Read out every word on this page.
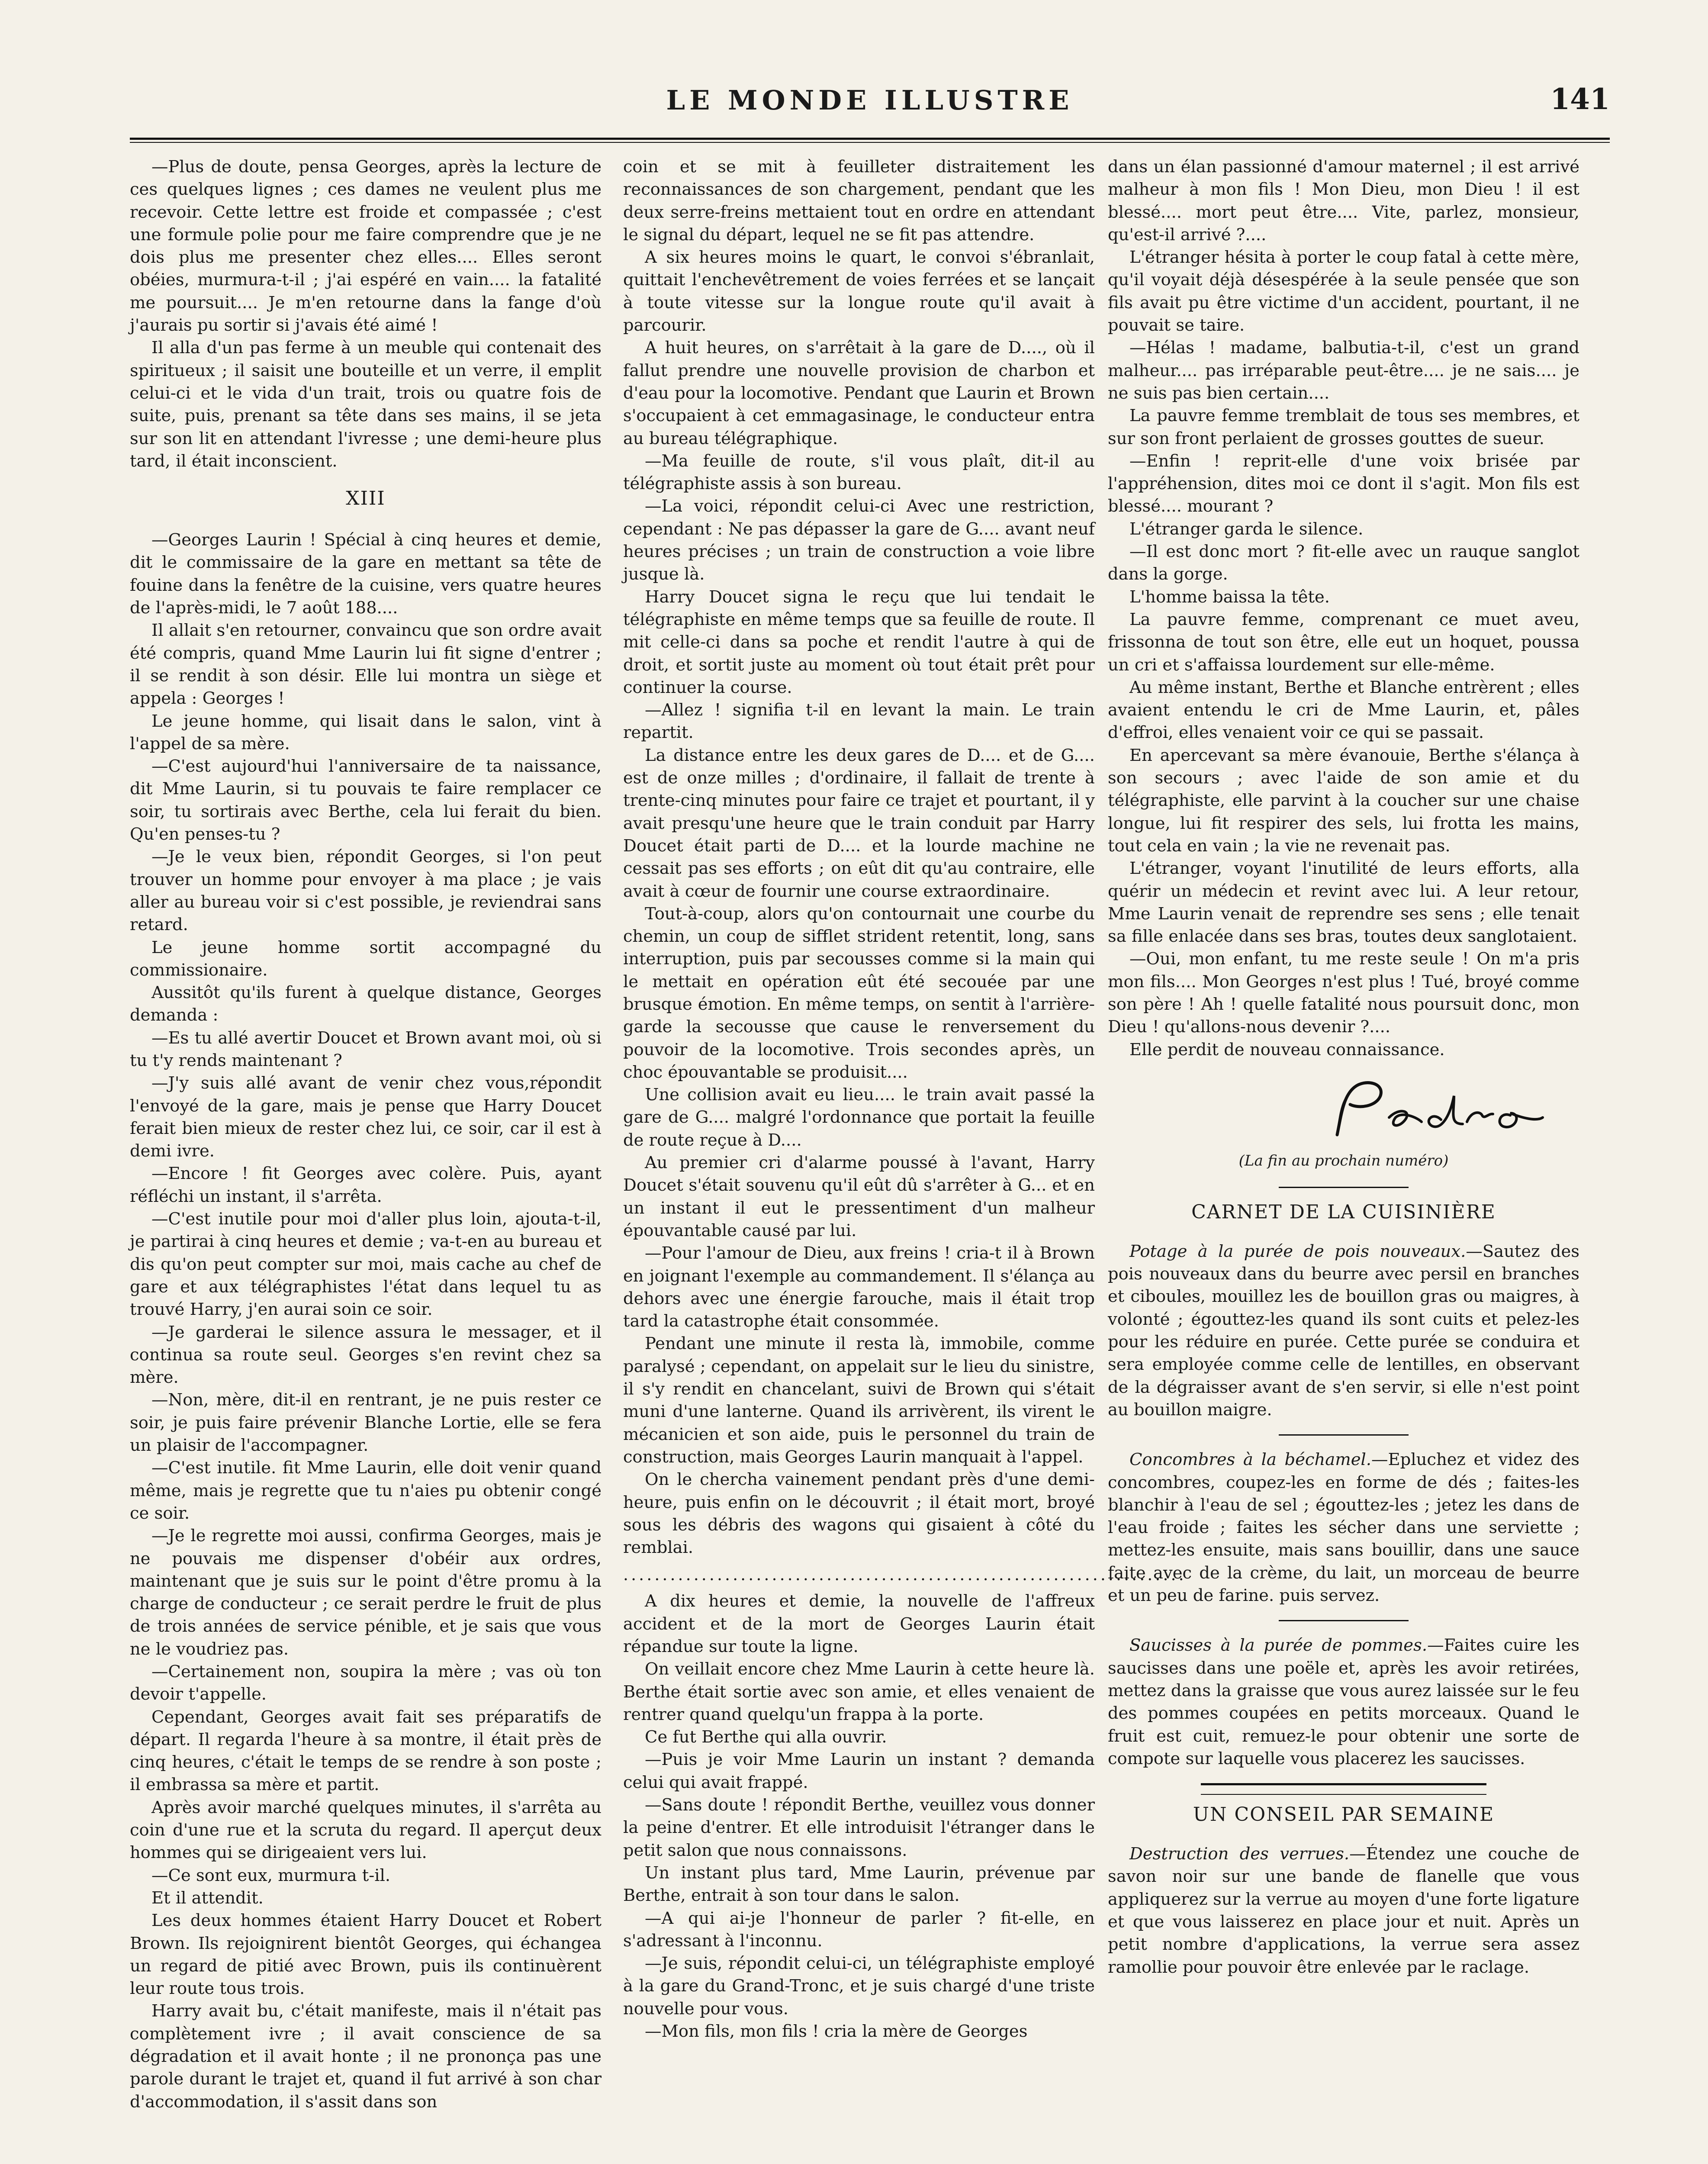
LE MONDE ILLUSTRE	141

—Plus de doute, pensa Georges, après la lecture de ces quelques lignes ; ces dames ne veulent plus me recevoir. Cette lettre est froide et compassée ; c'est une formule polie pour me faire comprendre que je ne dois plus me presenter chez elles.... Elles seront obéies, murmura-t-il ; j'ai espéré en vain.... la fatalité me poursuit.... Je m'en retourne dans la fange d'où j'aurais pu sortir si j'avais été aimé !

Il alla d'un pas ferme à un meuble qui contenait des spiritueux ; il saisit une bouteille et un verre, il emplit celui-ci et le vida d'un trait, trois ou quatre fois de suite, puis, prenant sa tête dans ses mains, il se jeta sur son lit en attendant l'ivresse ; une demi-heure plus tard, il était inconscient.

XIII

—Georges Laurin ! Spécial à cinq heures et demie, dit le commissaire de la gare en mettant sa tête de fouine dans la fenêtre de la cuisine, vers quatre heures de l'après-midi, le 7 août 188....

Il allait s'en retourner, convaincu que son ordre avait été compris, quand Mme Laurin lui fit signe d'entrer ; il se rendit à son désir. Elle lui montra un siège et appela : Georges !

Le jeune homme, qui lisait dans le salon, vint à l'appel de sa mère.

—C'est aujourd'hui l'anniversaire de ta naissance, dit Mme Laurin, si tu pouvais te faire remplacer ce soir, tu sortirais avec Berthe, cela lui ferait du bien. Qu'en penses-tu ?

—Je le veux bien, répondit Georges, si l'on peut trouver un homme pour envoyer à ma place ; je vais aller au bureau voir si c'est possible, je reviendrai sans retard.

Le jeune homme sortit accompagné du commissionaire.

Aussitôt qu'ils furent à quelque distance, Georges demanda :

—Es tu allé avertir Doucet et Brown avant moi, où si tu t'y rends maintenant ?

—J'y suis allé avant de venir chez vous,répondit l'envoyé de la gare, mais je pense que Harry Doucet ferait bien mieux de rester chez lui, ce soir, car il est à demi ivre.

—Encore ! fit Georges avec colère. Puis, ayant réfléchi un instant, il s'arrêta.

—C'est inutile pour moi d'aller plus loin, ajouta-t-il, je partirai à cinq heures et demie ; va-t-en au bureau et dis qu'on peut compter sur moi, mais cache au chef de gare et aux télégraphistes l'état dans lequel tu as trouvé Harry, j'en aurai soin ce soir.

—Je garderai le silence assura le messager, et il continua sa route seul. Georges s'en revint chez sa mère.

—Non, mère, dit-il en rentrant, je ne puis rester ce soir, je puis faire prévenir Blanche Lortie, elle se fera un plaisir de l'accompagner.

—C'est inutile. fit Mme Laurin, elle doit venir quand même, mais je regrette que tu n'aies pu obtenir congé ce soir.

—Je le regrette moi aussi, confirma Georges, mais je ne pouvais me dispenser d'obéir aux ordres, maintenant que je suis sur le point d'être promu à la charge de conducteur ; ce serait perdre le fruit de plus de trois années de service pénible, et je sais que vous ne le voudriez pas.

—Certainement non, soupira la mère ; vas où ton devoir t'appelle.

Cependant, Georges avait fait ses préparatifs de départ. Il regarda l'heure à sa montre, il était près de cinq heures, c'était le temps de se rendre à son poste ; il embrassa sa mère et partit.

Après avoir marché quelques minutes, il s'arrêta au coin d'une rue et la scruta du regard. Il aperçut deux hommes qui se dirigeaient vers lui.

—Ce sont eux, murmura t-il.

Et il attendit.

Les deux hommes étaient Harry Doucet et Robert Brown. Ils rejoignirent bientôt Georges, qui échangea un regard de pitié avec Brown, puis ils continuèrent leur route tous trois.

Harry avait bu, c'était manifeste, mais il n'était pas complètement ivre ; il avait conscience de sa dégradation et il avait honte ; il ne prononça pas une parole durant le trajet et, quand il fut arrivé à son char d'accommodation, il s'assit dans son

coin et se mit à feuilleter distraitement les reconnaissances de son chargement, pendant que les deux serre-freins mettaient tout en ordre en attendant le signal du départ, lequel ne se fit pas attendre.

A six heures moins le quart, le convoi s'ébranlait, quittait l'enchevêtrement de voies ferrées et se lançait à toute vitesse sur la longue route qu'il avait à parcourir.

A huit heures, on s'arrêtait à la gare de D...., où il fallut prendre une nouvelle provision de charbon et d'eau pour la locomotive. Pendant que Laurin et Brown s'occupaient à cet emmagasinage, le conducteur entra au bureau télégraphique.

—Ma feuille de route, s'il vous plaît, dit-il au télégraphiste assis à son bureau.

—La voici, répondit celui-ci Avec une restriction, cependant : Ne pas dépasser la gare de G.... avant neuf heures précises ; un train de construction a voie libre jusque là.

Harry Doucet signa le reçu que lui tendait le télégraphiste en même temps que sa feuille de route. Il mit celle-ci dans sa poche et rendit l'autre à qui de droit, et sortit juste au moment où tout était prêt pour continuer la course.

—Allez ! signifia t-il en levant la main. Le train repartit.

La distance entre les deux gares de D.... et de G.... est de onze milles ; d'ordinaire, il fallait de trente à trente-cinq minutes pour faire ce trajet et pourtant, il y avait presqu'une heure que le train conduit par Harry Doucet était parti de D.... et la lourde machine ne cessait pas ses efforts ; on eût dit qu'au contraire, elle avait à cœur de fournir une course extraordinaire.

Tout-à-coup, alors qu'on contournait une courbe du chemin, un coup de sifflet strident retentit, long, sans interruption, puis par secousses comme si la main qui le mettait en opération eût été secouée par une brusque émotion. En même temps, on sentit à l'arrière-garde la secousse que cause le renversement du pouvoir de la locomotive. Trois secondes après, un choc épouvantable se produisit....

Une collision avait eu lieu.... le train avait passé la gare de G.... malgré l'ordonnance que portait la feuille de route reçue à D....

Au premier cri d'alarme poussé à l'avant, Harry Doucet s'était souvenu qu'il eût dû s'arrêter à G... et en un instant il eut le pressentiment d'un malheur épouvantable causé par lui.

—Pour l'amour de Dieu, aux freins ! cria-t il à Brown en joignant l'exemple au commandement. Il s'élança au dehors avec une énergie farouche, mais il était trop tard la catastrophe était consommée.

Pendant une minute il resta là, immobile, comme paralysé ; cependant, on appelait sur le lieu du sinistre, il s'y rendit en chancelant, suivi de Brown qui s'était muni d'une lanterne. Quand ils arrivèrent, ils virent le mécanicien et son aide, puis le personnel du train de construction, mais Georges Laurin manquait à l'appel.

On le chercha vainement pendant près d'une demi-heure, puis enfin on le découvrit ; il était mort, broyé sous les débris des wagons qui gisaient à côté du remblai.

........................................................................

A dix heures et demie, la nouvelle de l'affreux accident et de la mort de Georges Laurin était répandue sur toute la ligne.

On veillait encore chez Mme Laurin à cette heure là. Berthe était sortie avec son amie, et elles venaient de rentrer quand quelqu'un frappa à la porte.

Ce fut Berthe qui alla ouvrir.

—Puis je voir Mme Laurin un instant ? demanda celui qui avait frappé.

—Sans doute ! répondit Berthe, veuillez vous donner la peine d'entrer. Et elle introduisit l'étranger dans le petit salon que nous connaissons.

Un instant plus tard, Mme Laurin, prévenue par Berthe, entrait à son tour dans le salon.

—A qui ai-je l'honneur de parler ? fit-elle, en s'adressant à l'inconnu.

—Je suis, répondit celui-ci, un télégraphiste employé à la gare du Grand-Tronc, et je suis chargé d'une triste nouvelle pour vous.

—Mon fils, mon fils ! cria la mère de Georges

dans un élan passionné d'amour maternel ; il est arrivé malheur à mon fils ! Mon Dieu, mon Dieu ! il est blessé.... mort peut être.... Vite, parlez, monsieur, qu'est-il arrivé ?....

L'étranger hésita à porter le coup fatal à cette mère, qu'il voyait déjà désespérée à la seule pensée que son fils avait pu être victime d'un accident, pourtant, il ne pouvait se taire.

—Hélas ! madame, balbutia-t-il, c'est un grand malheur.... pas irréparable peut-être.... je ne sais.... je ne suis pas bien certain....

La pauvre femme tremblait de tous ses membres, et sur son front perlaient de grosses gouttes de sueur.

—Enfin ! reprit-elle d'une voix brisée par l'appréhension, dites moi ce dont il s'agit. Mon fils est blessé.... mourant ?

L'étranger garda le silence.

—Il est donc mort ? fit-elle avec un rauque sanglot dans la gorge.

L'homme baissa la tête.

La pauvre femme, comprenant ce muet aveu, frissonna de tout son être, elle eut un hoquet, poussa un cri et s'affaissa lourdement sur elle-même.

Au même instant, Berthe et Blanche entrèrent ; elles avaient entendu le cri de Mme Laurin, et, pâles d'effroi, elles venaient voir ce qui se passait.

En apercevant sa mère évanouie, Berthe s'élança à son secours ; avec l'aide de son amie et du télégraphiste, elle parvint à la coucher sur une chaise longue, lui fit respirer des sels, lui frotta les mains, tout cela en vain ; la vie ne revenait pas.

L'étranger, voyant l'inutilité de leurs efforts, alla quérir un médecin et revint avec lui. A leur retour, Mme Laurin venait de reprendre ses sens ; elle tenait sa fille enlacée dans ses bras, toutes deux sanglotaient.

—Oui, mon enfant, tu me reste seule ! On m'a pris mon fils.... Mon Georges n'est plus ! Tué, broyé comme son père ! Ah ! quelle fatalité nous poursuit donc, mon Dieu ! qu'allons-nous devenir ?....

Elle perdit de nouveau connaissance.

(La fin au prochain numéro)
CARNET DE LA CUISINIÈRE

Potage à la purée de pois nouveaux.—Sautez des pois nouveaux dans du beurre avec persil en branches et ciboules, mouillez les de bouillon gras ou maigres, à volonté ; égouttez-les quand ils sont cuits et pelez-les pour les réduire en purée. Cette purée se conduira et sera employée comme celle de lentilles, en observant de la dégraisser avant de s'en servir, si elle n'est point au bouillon maigre.

Concombres à la béchamel.—Epluchez et videz des concombres, coupez-les en forme de dés ; faites-les blanchir à l'eau de sel ; égouttez-les ; jetez les dans de l'eau froide ; faites les sécher dans une serviette ; mettez-les ensuite, mais sans bouillir, dans une sauce faite avec de la crème, du lait, un morceau de beurre et un peu de farine. puis servez.

Saucisses à la purée de pommes.—Faites cuire les saucisses dans une poële et, après les avoir retirées, mettez dans la graisse que vous aurez laissée sur le feu des pommes coupées en petits morceaux. Quand le fruit est cuit, remuez-le pour obtenir une sorte de compote sur laquelle vous placerez les saucisses.

UN CONSEIL PAR SEMAINE

Destruction des verrues.—Étendez une couche de savon noir sur une bande de flanelle que vous appliquerez sur la verrue au moyen d'une forte ligature et que vous laisserez en place jour et nuit. Après un petit nombre d'applications, la verrue sera assez ramollie pour pouvoir être enlevée par le raclage.
